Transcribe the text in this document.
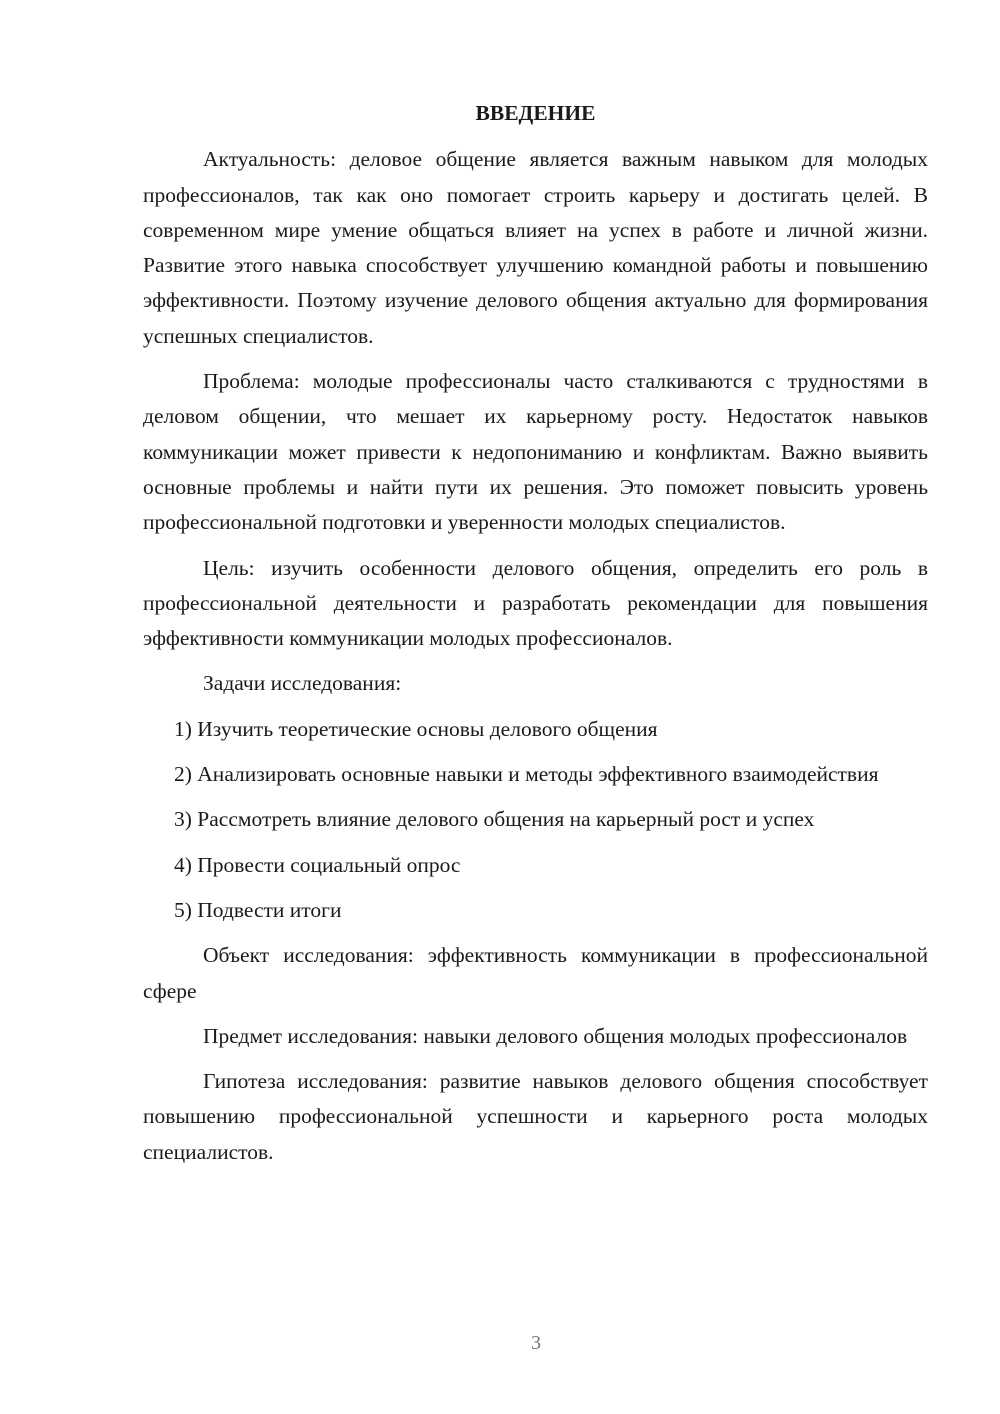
ВВЕДЕНИЕ

Актуальность: деловое общение является важным навыком для молодых профессионалов, так как оно помогает строить карьеру и достигать целей. В современном мире умение общаться влияет на успех в работе и личной жизни. Развитие этого навыка способствует улучшению командной работы и повышению эффективности. Поэтому изучение делового общения актуально для формирования успешных специалистов.

Проблема: молодые профессионалы часто сталкиваются с трудностями в деловом общении, что мешает их карьерному росту. Недостаток навыков коммуникации может привести к недопониманию и конфликтам. Важно выявить основные проблемы и найти пути их решения. Это поможет повысить уровень профессиональной подготовки и уверенности молодых специалистов.

Цель: изучить особенности делового общения, определить его роль в профессиональной деятельности и разработать рекомендации для повышения эффективности коммуникации молодых профессионалов.

Задачи исследования:

1) Изучить теоретические основы делового общения

2) Анализировать основные навыки и методы эффективного взаимодействия

3) Рассмотреть влияние делового общения на карьерный рост и успех

4) Провести социальный опрос

5) Подвести итоги

Объект исследования: эффективность коммуникации в профессиональной сфере

Предмет исследования: навыки делового общения молодых профессионалов

Гипотеза исследования: развитие навыков делового общения способствует повышению профессиональной успешности и карьерного роста молодых специалистов.

3
